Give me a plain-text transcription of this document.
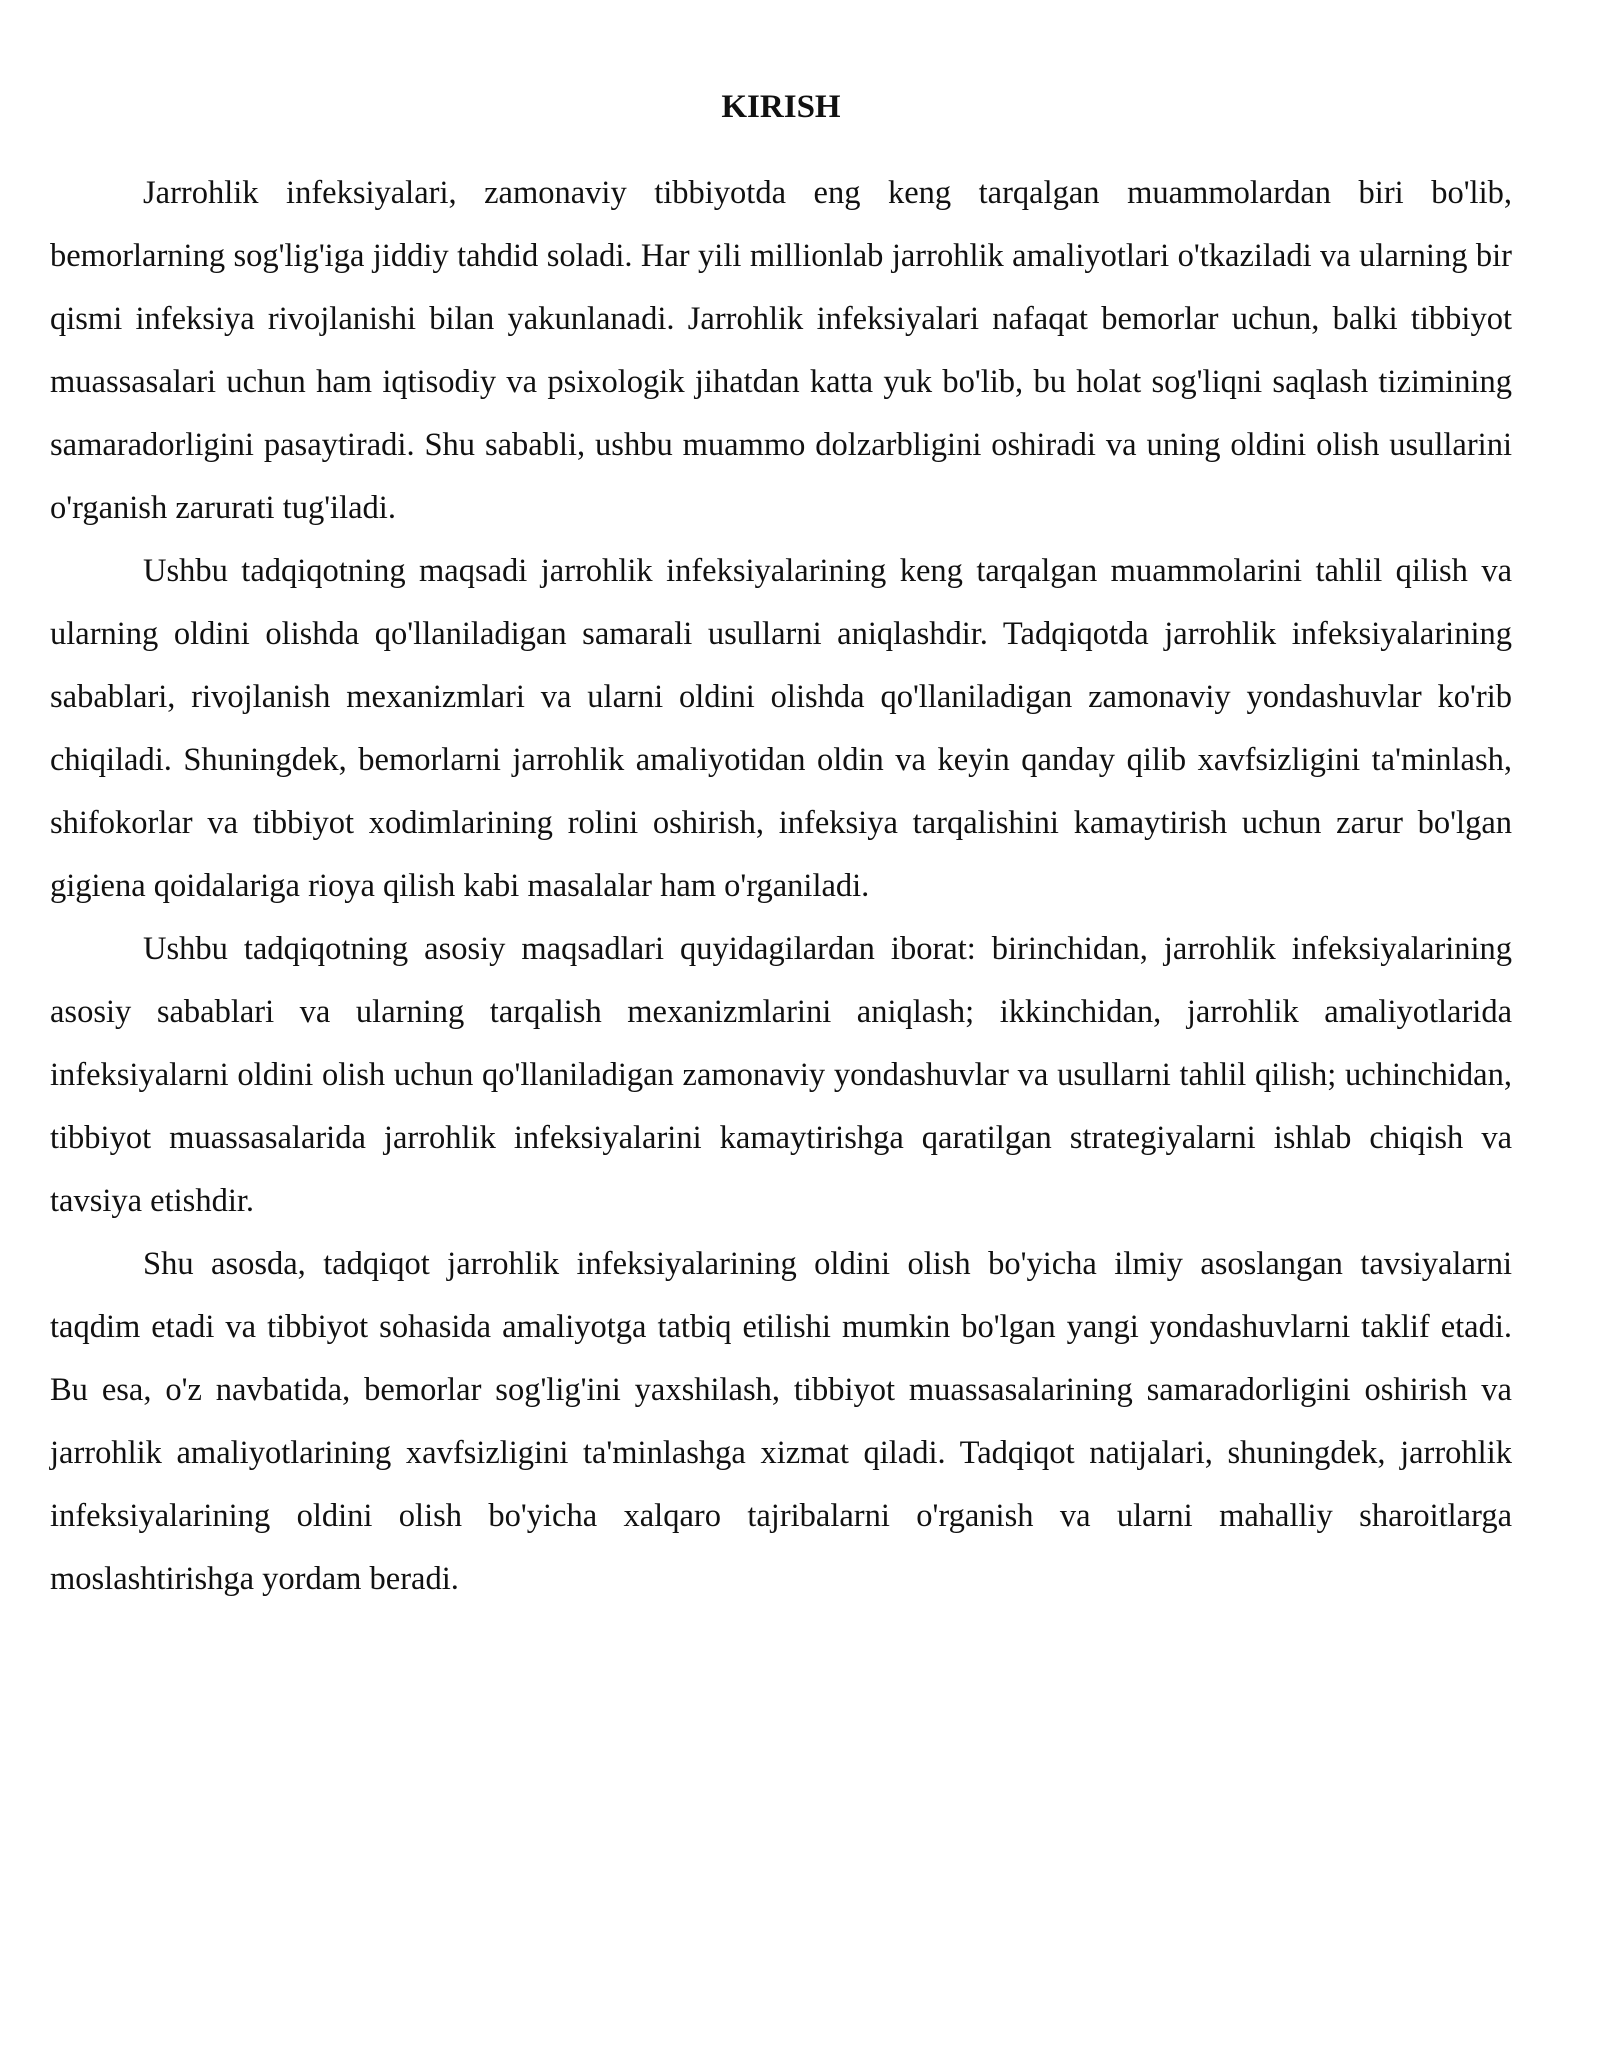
KIRISH

Jarrohlik infeksiyalari, zamonaviy tibbiyotda eng keng tarqalgan muammolardan biri bo'lib, bemorlarning sog'lig'iga jiddiy tahdid soladi. Har yili millionlab jarrohlik amaliyotlari o'tkaziladi va ularning bir qismi infeksiya rivojlanishi bilan yakunlanadi. Jarrohlik infeksiyalari nafaqat bemorlar uchun, balki tibbiyot muassasalari uchun ham iqtisodiy va psixologik jihatdan katta yuk bo'lib, bu holat sog'liqni saqlash tizimining samaradorligini pasaytiradi. Shu sababli, ushbu muammo dolzarbligini oshiradi va uning oldini olish usullarini o'rganish zarurati tug'iladi.

Ushbu tadqiqotning maqsadi jarrohlik infeksiyalarining keng tarqalgan muammolarini tahlil qilish va ularning oldini olishda qo'llaniladigan samarali usullarni aniqlashdir. Tadqiqotda jarrohlik infeksiyalarining sabablari, rivojlanish mexanizmlari va ularni oldini olishda qo'llaniladigan zamonaviy yondashuvlar ko'rib chiqiladi. Shuningdek, bemorlarni jarrohlik amaliyotidan oldin va keyin qanday qilib xavfsizligini ta'minlash, shifokorlar va tibbiyot xodimlarining rolini oshirish, infeksiya tarqalishini kamaytirish uchun zarur bo'lgan gigiena qoidalariga rioya qilish kabi masalalar ham o'rganiladi.

Ushbu tadqiqotning asosiy maqsadlari quyidagilardan iborat: birinchidan, jarrohlik infeksiyalarining asosiy sabablari va ularning tarqalish mexanizmlarini aniqlash; ikkinchidan, jarrohlik amaliyotlarida infeksiyalarni oldini olish uchun qo'llaniladigan zamonaviy yondashuvlar va usullarni tahlil qilish; uchinchidan, tibbiyot muassasalarida jarrohlik infeksiyalarini kamaytirishga qaratilgan strategiyalarni ishlab chiqish va tavsiya etishdir.

Shu asosda, tadqiqot jarrohlik infeksiyalarining oldini olish bo'yicha ilmiy asoslangan tavsiyalarni taqdim etadi va tibbiyot sohasida amaliyotga tatbiq etilishi mumkin bo'lgan yangi yondashuvlarni taklif etadi. Bu esa, o'z navbatida, bemorlar sog'lig'ini yaxshilash, tibbiyot muassasalarining samaradorligini oshirish va jarrohlik amaliyotlarining xavfsizligini ta'minlashga xizmat qiladi. Tadqiqot natijalari, shuningdek, jarrohlik infeksiyalarining oldini olish bo'yicha xalqaro tajribalarni o'rganish va ularni mahalliy sharoitlarga moslashtirishga yordam beradi.
